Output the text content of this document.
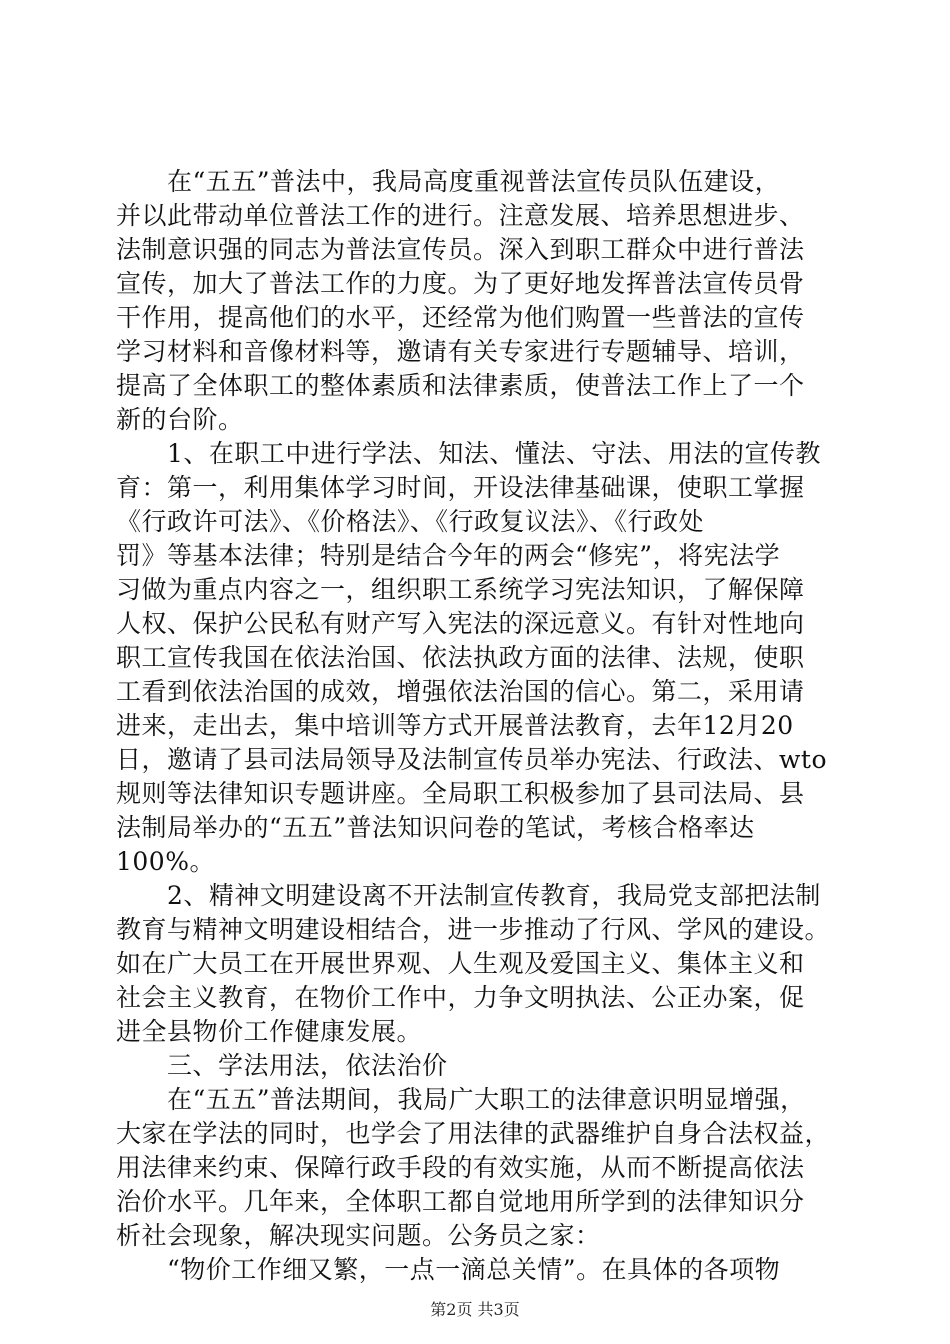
　　在“五五”普法中，我局高度重视普法宣传员队伍建设，
并以此带动单位普法工作的进行。注意发展、培养思想进步、
法制意识强的同志为普法宣传员。深入到职工群众中进行普法
宣传，加大了普法工作的力度。为了更好地发挥普法宣传员骨
干作用，提高他们的水平，还经常为他们购置一些普法的宣传
学习材料和音像材料等，邀请有关专家进行专题辅导、培训，
提高了全体职工的整体素质和法律素质，使普法工作上了一个
新的台阶。
　　1、在职工中进行学法、知法、懂法、守法、用法的宣传教
育：第一，利用集体学习时间，开设法律基础课，使职工掌握
《行政许可法》、《价格法》、《行政复议法》、《行政处
罚》等基本法律；特别是结合今年的两会“修宪”，将宪法学
习做为重点内容之一，组织职工系统学习宪法知识，了解保障
人权、保护公民私有财产写入宪法的深远意义。有针对性地向
职工宣传我国在依法治国、依法执政方面的法律、法规，使职
工看到依法治国的成效，增强依法治国的信心。第二，采用请
进来，走出去，集中培训等方式开展普法教育，去年12月20
日，邀请了县司法局领导及法制宣传员举办宪法、行政法、wto
规则等法律知识专题讲座。全局职工积极参加了县司法局、县
法制局举办的“五五”普法知识问卷的笔试，考核合格率达
100%。
　　2、精神文明建设离不开法制宣传教育，我局党支部把法制
教育与精神文明建设相结合，进一步推动了行风、学风的建设。
如在广大员工在开展世界观、人生观及爱国主义、集体主义和
社会主义教育，在物价工作中，力争文明执法、公正办案，促
进全县物价工作健康发展。
　　三、学法用法，依法治价
　　在“五五”普法期间，我局广大职工的法律意识明显增强，
大家在学法的同时，也学会了用法律的武器维护自身合法权益，
用法律来约束、保障行政手段的有效实施，从而不断提高依法
治价水平。几年来，全体职工都自觉地用所学到的法律知识分
析社会现象，解决现实问题。公务员之家：
　　“物价工作细又繁，一点一滴总关情”。在具体的各项物
第2页 共3页
